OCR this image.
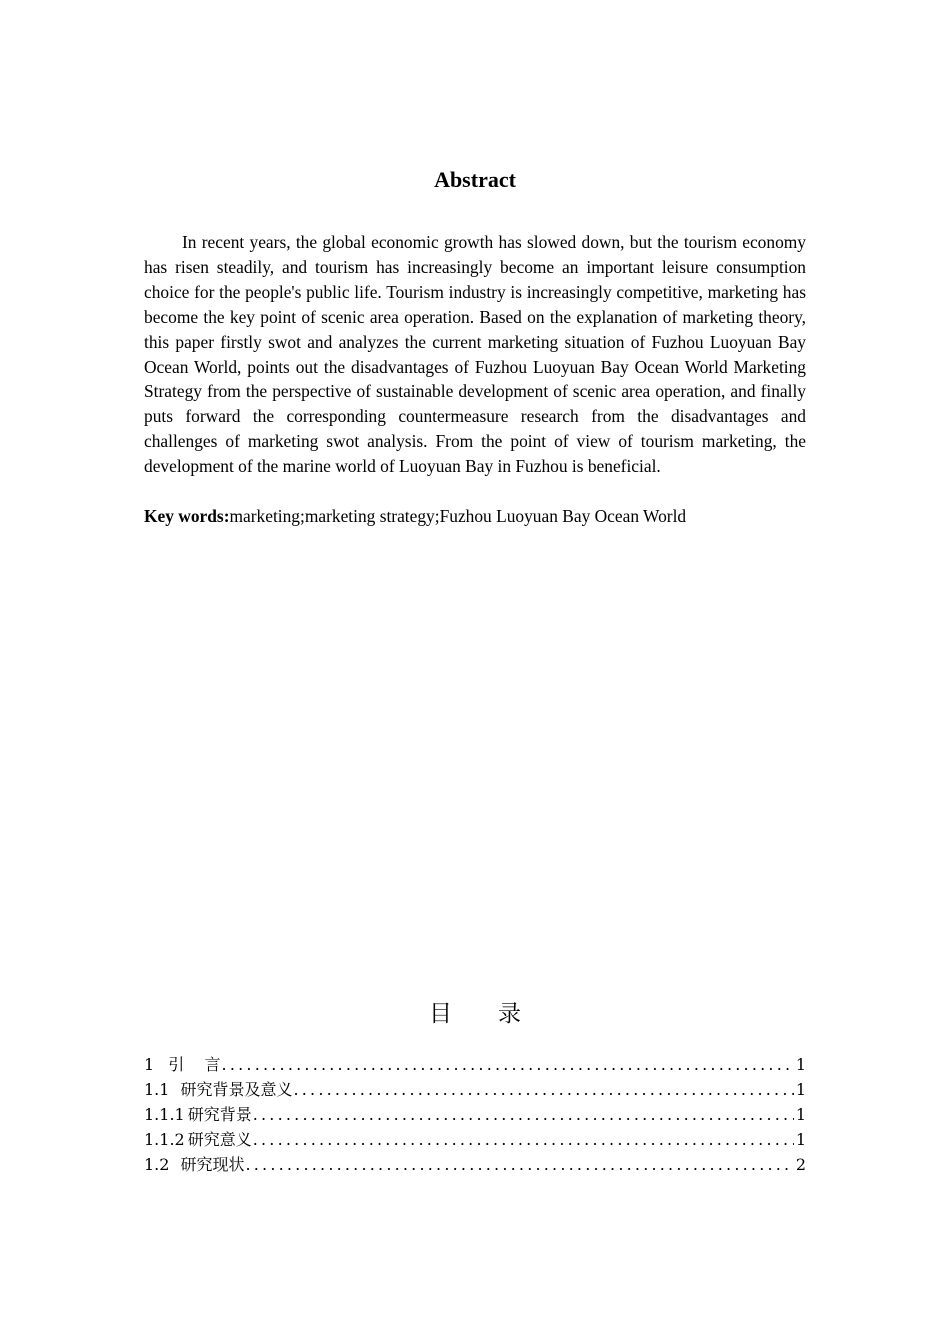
Abstract

In recent years, the global economic growth has slowed down, but the tourism economy has risen steadily, and tourism has increasingly become an important leisure consumption choice for the people's public life. Tourism industry is increasingly competitive, marketing has become the key point of scenic area operation. Based on the explanation of marketing theory, this paper firstly swot and analyzes the current marketing situation of Fuzhou Luoyuan Bay Ocean World, points out the disadvantages of Fuzhou Luoyuan Bay Ocean World Marketing Strategy from the perspective of sustainable development of scenic area operation, and finally puts forward the corresponding countermeasure research from the disadvantages and challenges of marketing swot analysis. From the point of view of tourism marketing, the development of the marine world of Luoyuan Bay in Fuzhou is beneficial.

Key words:marketing;marketing strategy;Fuzhou Luoyuan Bay Ocean World

目 录
1 引    言 .....	1
1.1 研究背景及意义 .....	1
1.1.1 研究背景 .....	1
1.1.2 研究意义 .....	1
1.2 研究现状 .....	2
